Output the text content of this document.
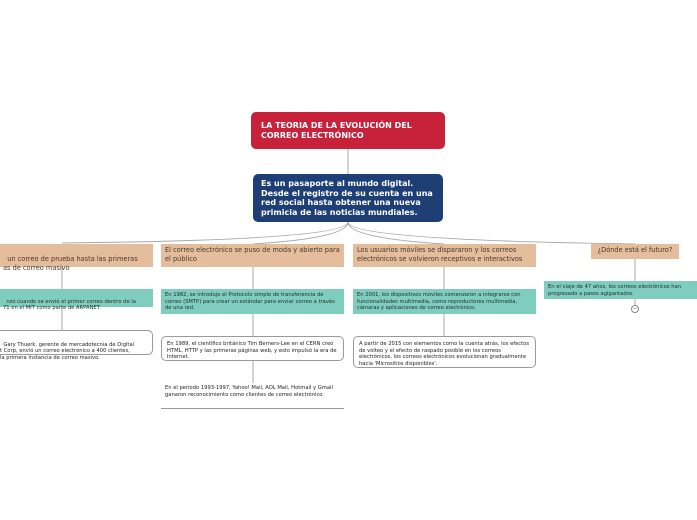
LA TEORIA DE LA EVOLUCIÓN DEL CORREO ELECTRÓNICO
Es un pasaporte al mundo digital. Desde el registro de su cuenta en una red social hasta obtener una nueva primicia de las noticias mundiales.

un correo de prueba hasta las primeras
as de correo masivo

nzó cuando se envió el primer correo dentro de la
71 en el MIT como parte de ARPANET.

Gary Thuerk, gerente de mercadotecnia de Digital
t Corp, envió un correo electrónico a 400 clientes,
la primera instancia de correo masivo.

El correo electrónico se puso de moda y abierto para el público
En 1982, se introdujo el Protocolo simple de transferencia de correo (SMTP) para crear un estándar para enviar correo a través de una red.
En 1989, el científico británico Tim Berners-Lee en el CERN creó HTML, HTTP y las primeras páginas web, y esto impulsó la era de Internet.
En el periodo 1993-1997, Yahoo! Mail, AOL Mail, Hotmail y Gmail ganaron reconocimiento como clientes de correo electrónico.
Los usuarios móviles se dispararon y los correos electrónicos se volvieron receptivos e interactivos
En 2001, los dispositivos móviles comenzaron a integrarse con funcionalidades multimedia, como reproductores multimedia, cámaras y aplicaciones de correo electrónico.
A partir de 2015 con elementos como la cuenta atrás, los efectos de volteo y el efecto de raspado posible en los correos electrónicos, los correos electrónicos evolucionan gradualmente hacia 'Micrositios disponibles'.
¿Dónde está el futuro?
En el viaje de 47 años, los correos electrónicos han progresado a pasos agigantados
−
